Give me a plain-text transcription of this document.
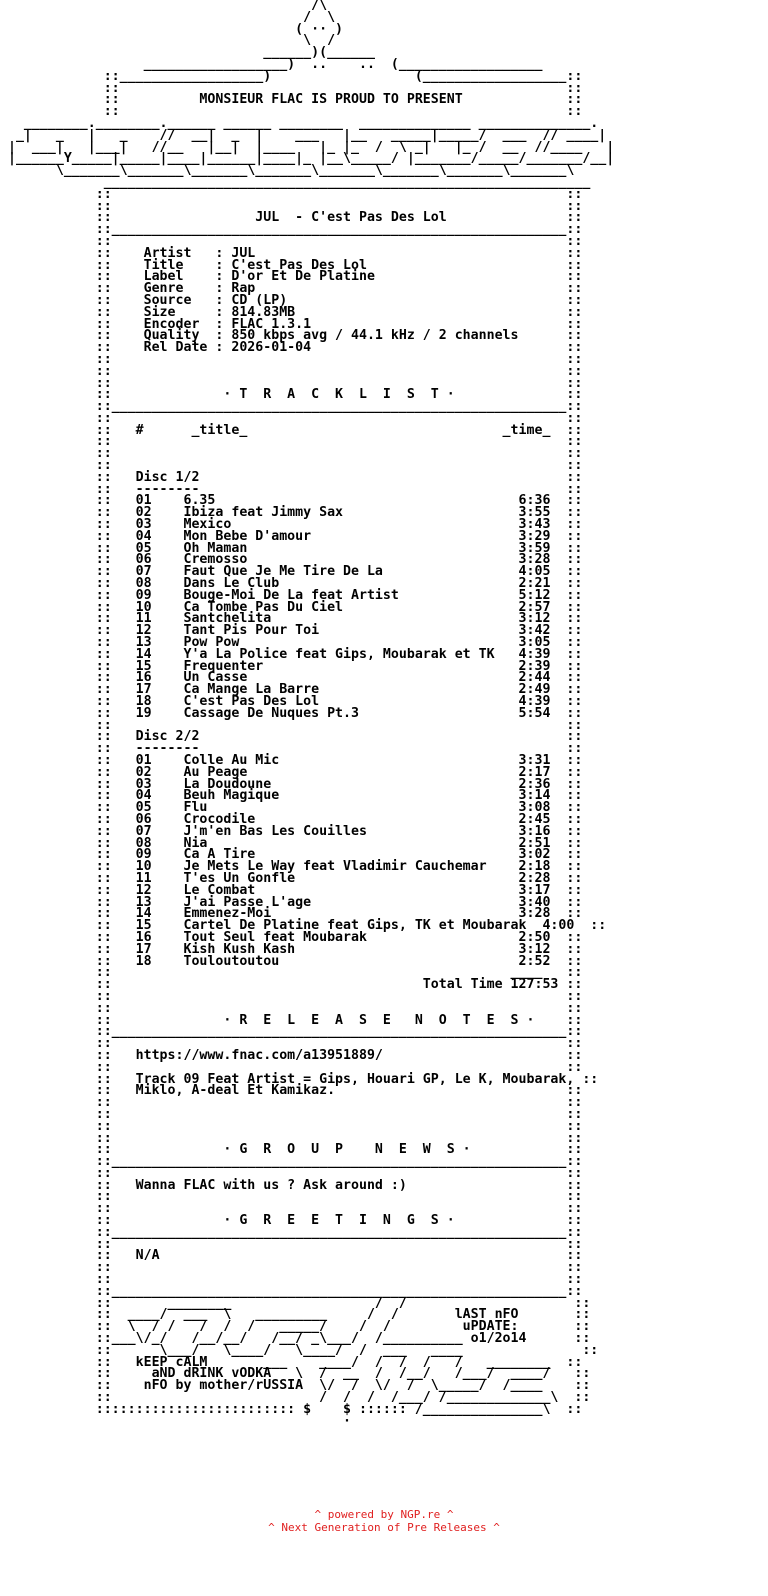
/\
/  \
( ·· )
\  /
______)(______
__________________)  ..    ..  (__________________
::__________________)                  (__________________::
::                                                        ::
::          MONSIEUR FLAC IS PROUD TO PRESENT             ::
::                                                        ::
________.________.______ ______ ________  ______________ ______________.
_|   _   |   _    //  __|  _  |    ___   |__   _____|_____/  ___  // ____|
|  ___|   |___|   //__   |__|  |____   |_ |_  /  \ _|   |_ /  __  //____   |
|______Y_____|_____|____|______|____|_ |__\_____/ |_______/_____/_______/__|
\_______\_______\_______\_______\_______\_______\_______\_______\
_____________________________________________________________
::                                                         ::
::                                                         ::
::                  JUL  - C'est Pas Des Lol               ::
::_________________________________________________________::
::                                                         ::
::    Artist   : JUL                                       ::
::    Title    : C'est Pas Des Lol                         ::
::    Label    : D'or Et De Platine                        ::
::    Genre    : Rap                                       ::
::    Source   : CD (LP)                                   ::
::    Size     : 814.83MB                                  ::
::    Encoder  : FLAC 1.3.1                                ::
::    Quality  : 850 kbps avg / 44.1 kHz / 2 channels      ::
::    Rel Date : 2026-01-04                                ::
::                                                         ::
::                                                         ::
::                                                         ::
::              · T  R  A  C  K  L  I  S  T ·              ::
::_________________________________________________________::
::                                                         ::
::   #      _title_                                _time_  ::
::                                                         ::
::                                                         ::
::                                                         ::
::   Disc 1/2                                              ::
::   --------                                              ::
::   01    6.35                                      6:36  ::
::   02    Ibiza feat Jimmy Sax                      3:55  ::
::   03    Mexico                                    3:43  ::
::   04    Mon Bebe D'amour                          3:29  ::
::   05    Oh Maman                                  3:59  ::
::   06    Cremosso                                  3:28  ::
::   07    Faut Que Je Me Tire De La                 4:05  ::
::   08    Dans Le Club                              2:21  ::
::   09    Bouge-Moi De La feat Artist               5:12  ::
::   10    Ca Tombe Pas Du Ciel                      2:57  ::
::   11    Santchelita                               3:12  ::
::   12    Tant Pis Pour Toi                         3:42  ::
::   13    Pow Pow                                   3:05  ::
::   14    Y'a La Police feat Gips, Moubarak et TK   4:39  ::
::   15    Frequenter                                2:39  ::
::   16    Un Casse                                  2:44  ::
::   17    Ca Mange La Barre                         2:49  ::
::   18    C'est Pas Des Lol                         4:39  ::
::   19    Cassage De Nuques Pt.3                    5:54  ::
::                                                         ::
::   Disc 2/2                                              ::
::   --------                                              ::
::   01    Colle Au Mic                              3:31  ::
::   02    Au Peage                                  2:17  ::
::   03    La Doudoune                               2:36  ::
::   04    Beuh Magique                              3:14  ::
::   05    Flu                                       3:08  ::
::   06    Crocodile                                 2:45  ::
::   07    J'm'en Bas Les Couilles                   3:16  ::
::   08    Nia                                       2:51  ::
::   09    Ca A Tire                                 3:02  ::
::   10    Je Mets Le Way feat Vladimir Cauchemar    2:18  ::
::   11    T'es Un Gonfle                            2:28  ::
::   12    Le Combat                                 3:17  ::
::   13    J'ai Passe L'age                          3:40  ::
::   14    Emmenez-Moi                               3:28  ::
::   15    Cartel De Platine feat Gips, TK et Moubarak  4:00  ::
::   16    Tout Seul feat Moubarak                   2:50  ::
::   17    Kish Kush Kash                            3:12  ::
::   18    Touloutoutou                              2:52  ::
::                                                  ____   ::
::                                       Total Time 127:53 ::
::                                                         ::
::                                                         ::
::              · R  E  L  E  A  S  E   N  O  T  E  S ·    ::
::_________________________________________________________::
::                                                         ::
::   https://www.fnac.com/a13951889/                       ::
::                                                         ::
::   Track 09 Feat Artist = Gips, Houari GP, Le K, Moubarak, ::
::   Miklo, A-deal Et Kamikaz.                             ::
::                                                         ::
::                                                         ::
::                                                         ::
::                                                         ::
::              · G  R  O  U  P    N  E  W  S ·            ::
::_________________________________________________________::
::                                                         ::
::   Wanna FLAC with us ? Ask around :)                    ::
::                                                         ::
::                                                         ::
::              · G  R  E  E  T  I  N  G  S ·              ::
::_________________________________________________________::
::                                                         ::
::   N/A                                                   ::
::                                                         ::
::                                                         ::
::_________________________________________________________::
::       ________                  /  /                     ::
::  ____/  ___  \   _________     /  /       lAST nFO       ::
::  \  / /   /  /  /   _____/    /  /         uPDATE:       ::
::___\/_/   /__/__/   /__/ _\___/  /__________ o1/2o14      ::
::      \___/   \____/   \____/  /  ___   ____               ::
::   kEEP cALM       ___    ____/  /  /  /   /   ________  ::
::     aND dRINK vODKA   \  /  __  /  /__/   /___/  ____/   ::
::    nFO by mother/rUSSIA  \/  /  \/  /  \_____/  /____    ::
::                          /  /  /  /___/ /_____________\  ::
::::::::::::::::::::::::: $    $ :::::: /_______________\  ::
·
^ powered by NGP.re ^
^ Next Generation of Pre Releases ^
